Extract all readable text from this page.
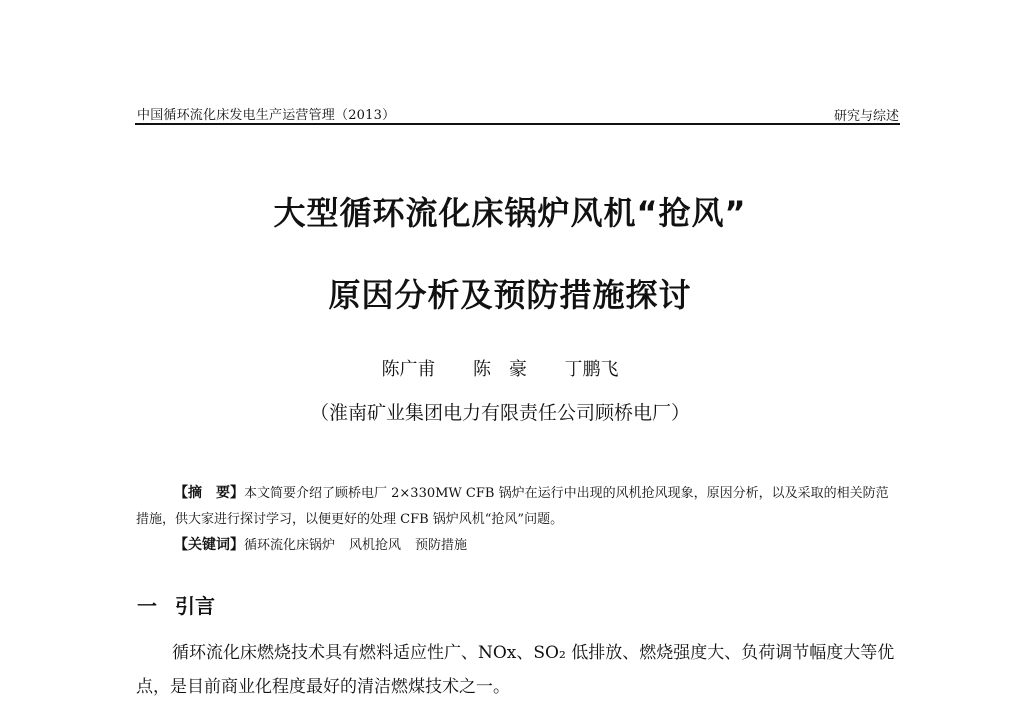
中国循环流化床发电生产运营管理（2013）	研究与综述
大型循环流化床锅炉风机“抢风”
原因分析及预防措施探讨
陈广甫 陈　豪 丁鹏飞
（淮南矿业集团电力有限责任公司顾桥电厂）
【摘　要】本文简要介绍了顾桥电厂 2×330MW CFB 锅炉在运行中出现的风机抢风现象，原因分析，以及采取的相关防范措施，供大家进行探讨学习，以便更好的处理 CFB 锅炉风机“抢风”问题。
【关键词】循环流化床锅炉 风机抢风 预防措施
一 引言
循环流化床燃烧技术具有燃料适应性广、NOx、SO₂ 低排放、燃烧强度大、负荷调节幅度大等优点，是目前商业化程度最好的清洁燃煤技术之一。
